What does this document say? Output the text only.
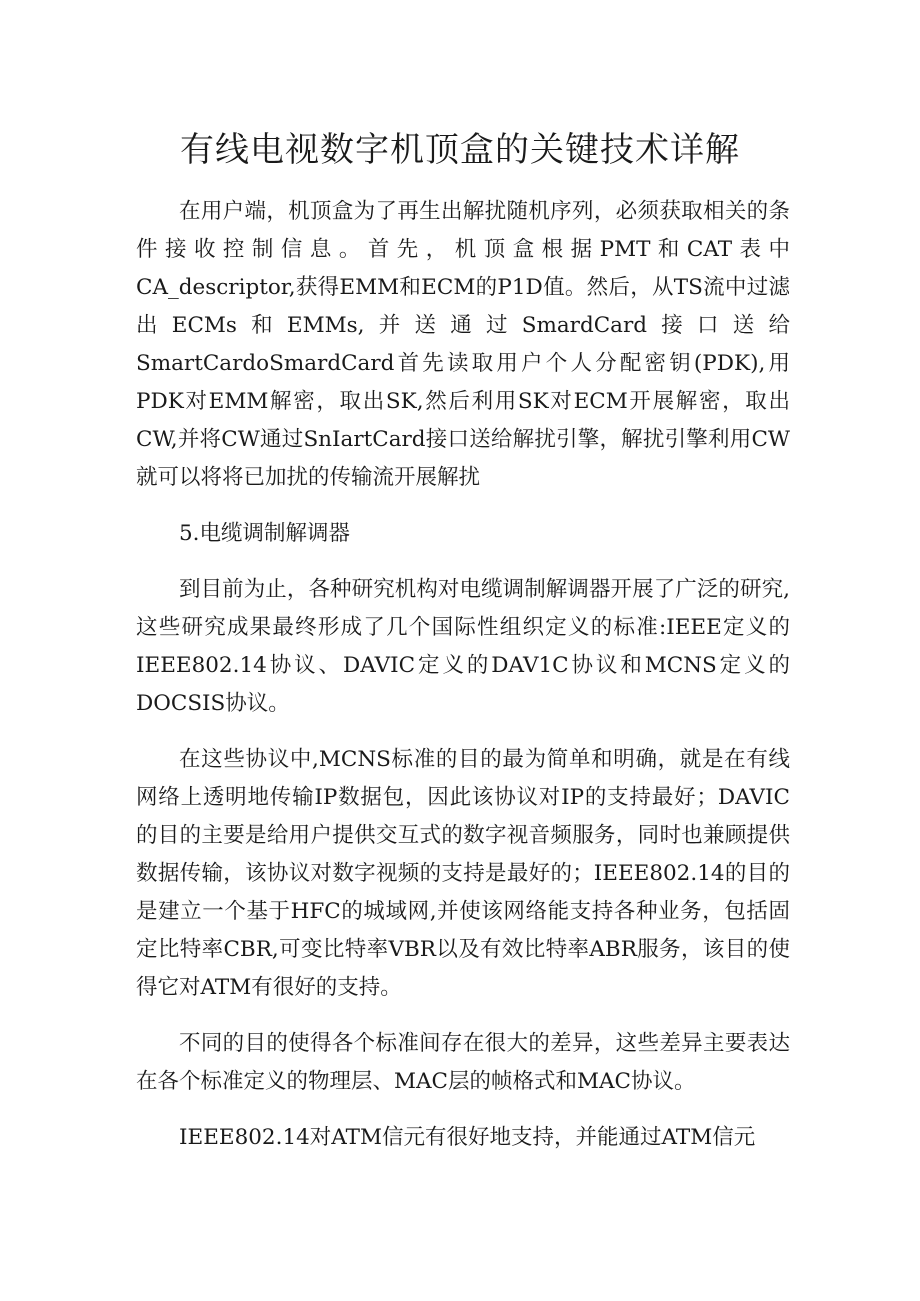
有线电视数字机顶盒的关键技术详解

在用户端，机顶盒为了再生出解扰随机序列，必须获取相关的条件接收控制信息。首先，机顶盒根据PMT和CAT表中CA_descriptor,获得EMM和ECM的P1D值。然后，从TS流中过滤出ECMs和EMMs,并送通过SmardCard接口送给SmartCardoSmardCard首先读取用户个人分配密钥(PDK),用PDK对EMM解密，取出SK,然后利用SK对ECM开展解密，取出CW,并将CW通过SnIartCard接口送给解扰引擎，解扰引擎利用CW就可以将将已加扰的传输流开展解扰

5.电缆调制解调器

到目前为止，各种研究机构对电缆调制解调器开展了广泛的研究,这些研究成果最终形成了几个国际性组织定义的标准:IEEE定义的IEEE802.14协议、DAVIC定义的DAV1C协议和MCNS定义的DOCSIS协议。

在这些协议中,MCNS标准的目的最为简单和明确，就是在有线网络上透明地传输IP数据包，因此该协议对IP的支持最好；DAVIC的目的主要是给用户提供交互式的数字视音频服务，同时也兼顾提供数据传输，该协议对数字视频的支持是最好的；IEEE802.14的目的是建立一个基于HFC的城域网,并使该网络能支持各种业务，包括固定比特率CBR,可变比特率VBR以及有效比特率ABR服务，该目的使得它对ATM有很好的支持。

不同的目的使得各个标准间存在很大的差异，这些差异主要表达在各个标准定义的物理层、MAC层的帧格式和MAC协议。

IEEE802.14对ATM信元有很好地支持，并能通过ATM信元
